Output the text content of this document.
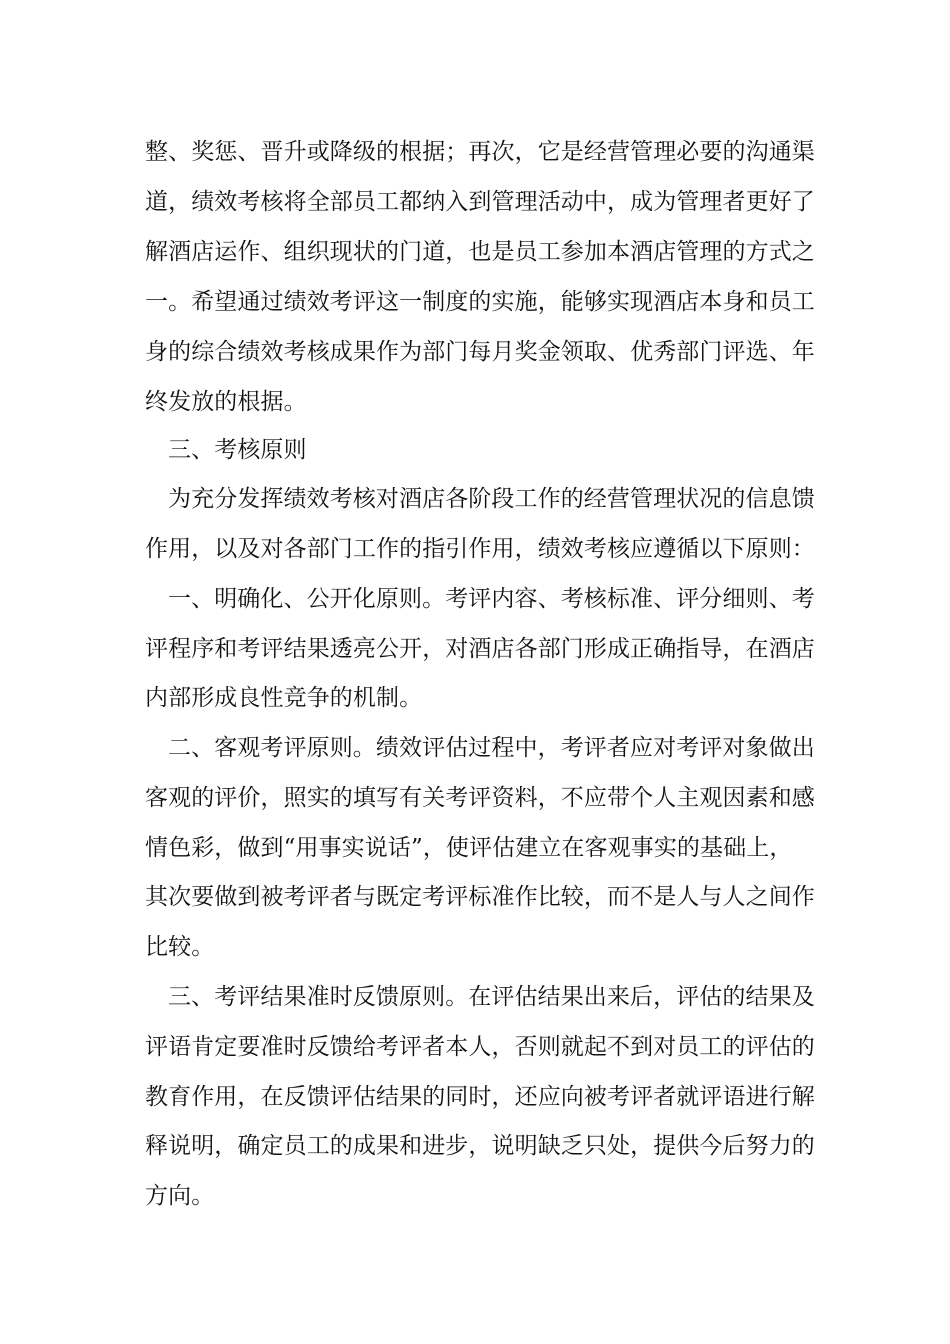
整、奖惩、晋升或降级的根据；再次，它是经营管理必要的沟通渠
道，绩效考核将全部员工都纳入到管理活动中，成为管理者更好了
解酒店运作、组织现状的门道，也是员工参加本酒店管理的方式之
一。希望通过绩效考评这一制度的实施，能够实现酒店本身和员工
身的综合绩效考核成果作为部门每月奖金领取、优秀部门评选、年
终发放的根据。
三、考核原则
为充分发挥绩效考核对酒店各阶段工作的经营管理状况的信息馈
作用，以及对各部门工作的指引作用，绩效考核应遵循以下原则：
一、明确化、公开化原则。考评内容、考核标准、评分细则、考
评程序和考评结果透亮公开，对酒店各部门形成正确指导，在酒店
内部形成良性竞争的机制。
二、客观考评原则。绩效评估过程中，考评者应对考评对象做出
客观的评价，照实的填写有关考评资料，不应带个人主观因素和感
情色彩，做到“用事实说话”，使评估建立在客观事实的基础上，
其次要做到被考评者与既定考评标准作比较，而不是人与人之间作
比较。
三、考评结果准时反馈原则。在评估结果出来后，评估的结果及
评语肯定要准时反馈给考评者本人，否则就起不到对员工的评估的
教育作用，在反馈评估结果的同时，还应向被考评者就评语进行解
释说明，确定员工的成果和进步，说明缺乏只处，提供今后努力的
方向。
